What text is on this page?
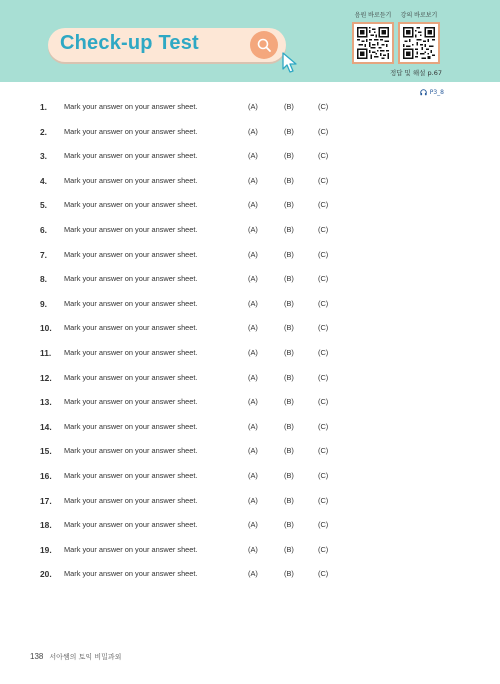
Check-up Test
음원 바로듣기	강의 바로보기
정답 및 해설 p.67
P3_8
1.	Mark your answer on your answer sheet.	(A)	(B)	(C)
2.	Mark your answer on your answer sheet.	(A)	(B)	(C)
3.	Mark your answer on your answer sheet.	(A)	(B)	(C)
4.	Mark your answer on your answer sheet.	(A)	(B)	(C)
5.	Mark your answer on your answer sheet.	(A)	(B)	(C)
6.	Mark your answer on your answer sheet.	(A)	(B)	(C)
7.	Mark your answer on your answer sheet.	(A)	(B)	(C)
8.	Mark your answer on your answer sheet.	(A)	(B)	(C)
9.	Mark your answer on your answer sheet.	(A)	(B)	(C)
10.	Mark your answer on your answer sheet.	(A)	(B)	(C)
11.	Mark your answer on your answer sheet.	(A)	(B)	(C)
12.	Mark your answer on your answer sheet.	(A)	(B)	(C)
13.	Mark your answer on your answer sheet.	(A)	(B)	(C)
14.	Mark your answer on your answer sheet.	(A)	(B)	(C)
15.	Mark your answer on your answer sheet.	(A)	(B)	(C)
16.	Mark your answer on your answer sheet.	(A)	(B)	(C)
17.	Mark your answer on your answer sheet.	(A)	(B)	(C)
18.	Mark your answer on your answer sheet.	(A)	(B)	(C)
19.	Mark your answer on your answer sheet.	(A)	(B)	(C)
20.	Mark your answer on your answer sheet.	(A)	(B)	(C)
138 서아쌤의 토익 비밀과외
